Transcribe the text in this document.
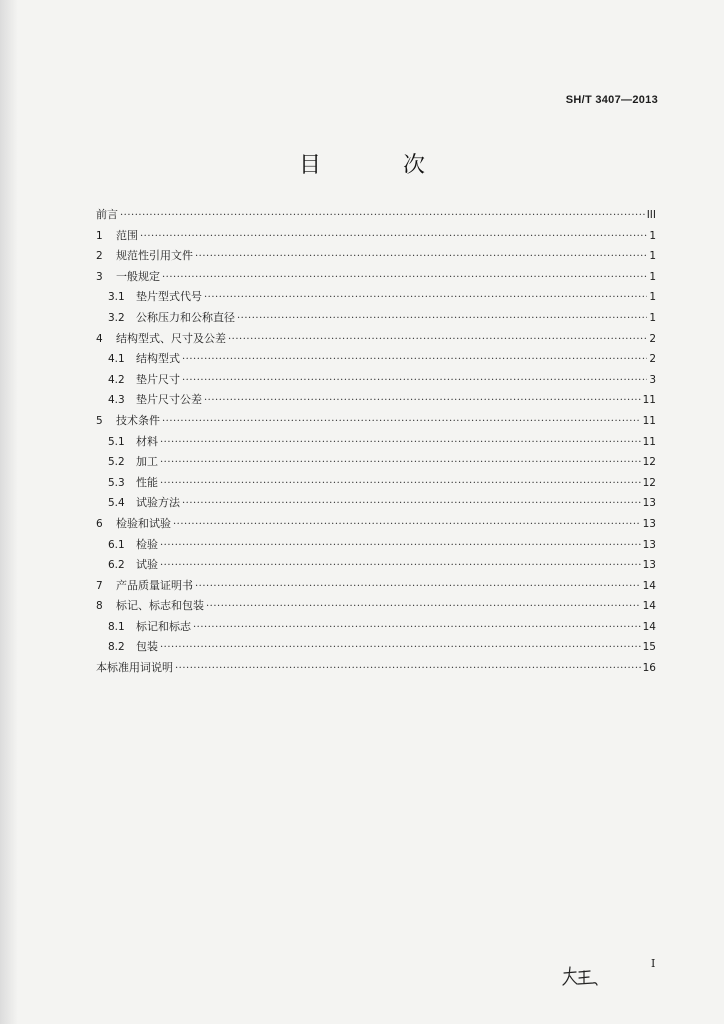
SH/T 3407—2013
目　次
前言 ·····	III
1 范围 ·····	1
2 规范性引用文件 ·····	1
3 一般规定 ·····	1
3.1 垫片型式代号 ·····	1
3.2 公称压力和公称直径 ·····	1
4 结构型式、尺寸及公差 ·····	2
4.1 结构型式 ·····	2
4.2 垫片尺寸 ·····	3
4.3 垫片尺寸公差 ·····	11
5 技术条件 ·····	11
5.1 材料 ·····	11
5.2 加工 ·····	12
5.3 性能 ·····	12
5.4 试验方法 ·····	13
6 检验和试验 ·····	13
6.1 检验 ·····	13
6.2 试验 ·····	13
7 产品质量证明书 ·····	14
8 标记、标志和包装 ·····	14
8.1 标记和标志 ·····	14
8.2 包装 ·····	15
本标准用词说明 ·····	16
I
